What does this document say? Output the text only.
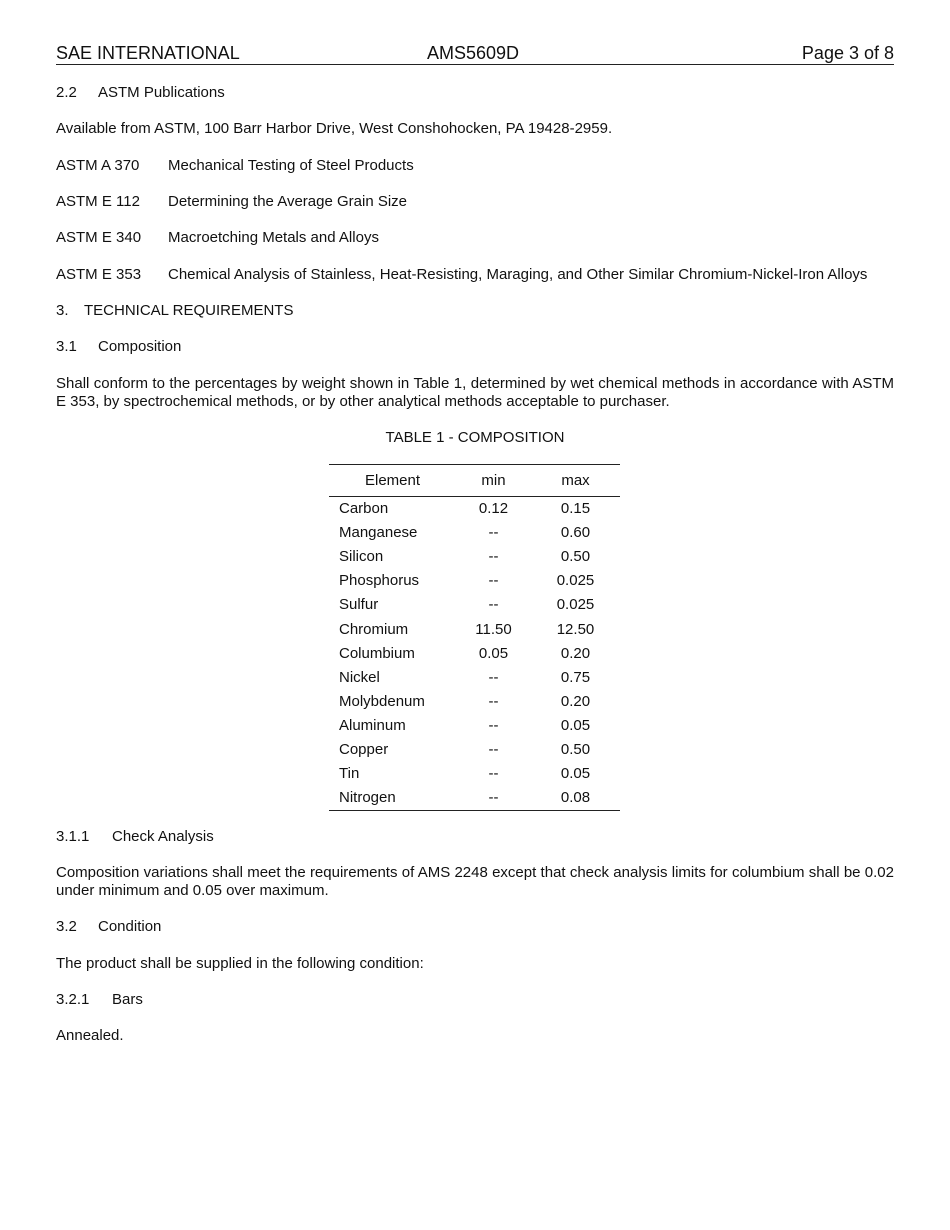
SAE INTERNATIONAL	AMS5609D	Page 3 of 8
2.2 ASTM Publications
Available from ASTM, 100 Barr Harbor Drive, West Conshohocken, PA 19428-2959.
ASTM A 370 Mechanical Testing of Steel Products
ASTM E 112 Determining the Average Grain Size
ASTM E 340 Macroetching Metals and Alloys
ASTM E 353 Chemical Analysis of Stainless, Heat-Resisting, Maraging, and Other Similar Chromium-Nickel-Iron Alloys
3. TECHNICAL REQUIREMENTS
3.1 Composition
Shall conform to the percentages by weight shown in Table 1, determined by wet chemical methods in accordance with ASTM E 353, by spectrochemical methods, or by other analytical methods acceptable to purchaser.
TABLE 1 - COMPOSITION
Element	min	max
Carbon	0.12	0.15
Manganese	--	0.60
Silicon	--	0.50
Phosphorus	--	0.025
Sulfur	--	0.025
Chromium	11.50	12.50
Columbium	0.05	0.20
Nickel	--	0.75
Molybdenum	--	0.20
Aluminum	--	0.05
Copper	--	0.50
Tin	--	0.05
Nitrogen	--	0.08
3.1.1 Check Analysis
Composition variations shall meet the requirements of AMS 2248 except that check analysis limits for columbium shall be 0.02 under minimum and 0.05 over maximum.
3.2 Condition
The product shall be supplied in the following condition:
3.2.1 Bars
Annealed.
